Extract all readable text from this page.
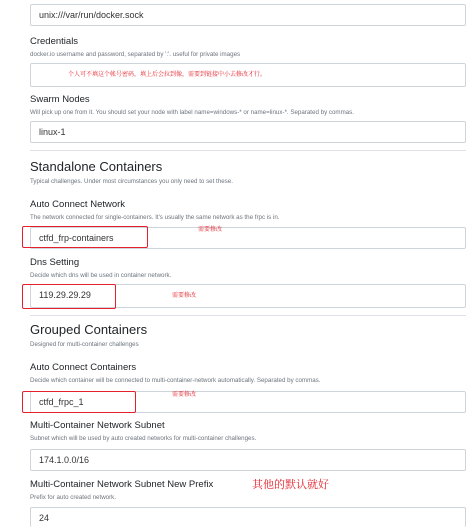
unix:///var/run/docker.sock
Credentials
docker.io username and password, separated by ':'. useful for private images
个人可不填这个帐号密码，填上后会拉到像，需要到链接中小去修改才行。
Swarm Nodes
Will pick up one from it. You should set your node with label name=windows-* or name=linux-*. Separated by commas.
linux-1
Standalone Containers
Typical challenges. Under most circumstances you only need to set these.
Auto Connect Network
The network connected for single-containers. It's usually the same network as the frpc is in.
ctfd_frp-containers
需要修改
Dns Setting
Decide which dns will be used in container network.
119.29.29.29	需要修改
Grouped Containers
Designed for multi-container challenges
Auto Connect Containers
Decide which container will be connected to multi-container-network automatically. Separated by commas.
ctfd_frpc_1
需要修改
Multi-Container Network Subnet
Subnet which will be used by auto created networks for multi-container challenges.
174.1.0.0/16
Multi-Container Network Subnet New Prefix
Prefix for auto created network.
24
其他的默认就好
